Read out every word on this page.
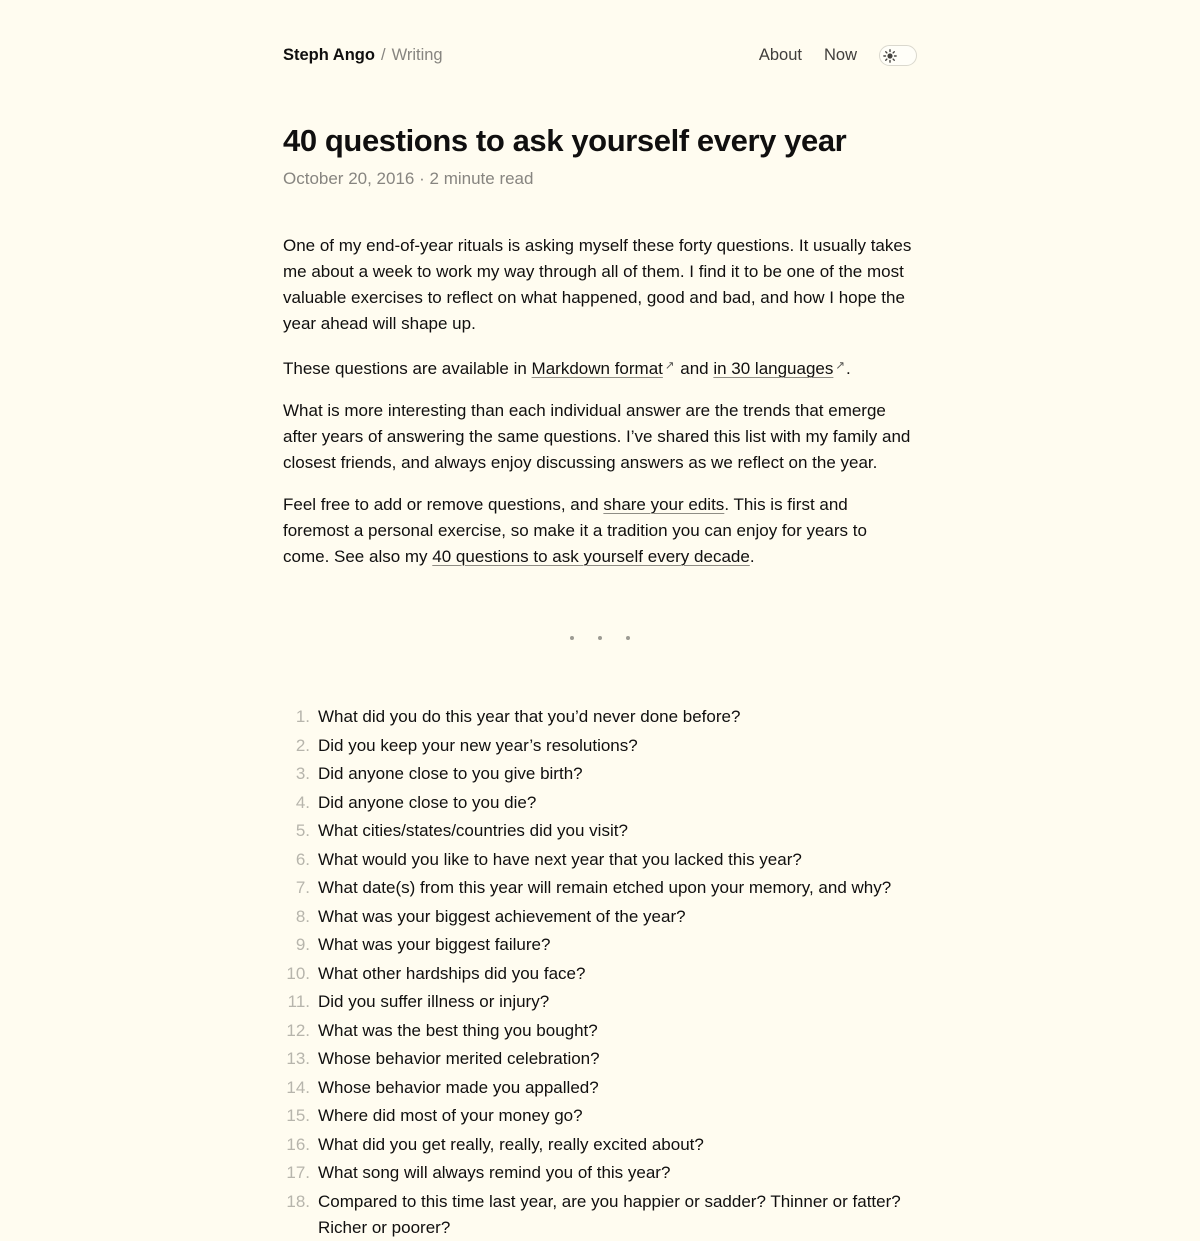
Steph Ango / Writing	About Now
40 questions to ask yourself every year
October 20, 2016 · 2 minute read

One of my end-of-year rituals is asking myself these forty questions. It usually takes me about a week to work my way through all of them. I find it to be one of the most valuable exercises to reflect on what happened, good and bad, and how I hope the year ahead will shape up.

These questions are available in Markdown format ↗ and in 30 languages ↗.

What is more interesting than each individual answer are the trends that emerge after years of answering the same questions. I’ve shared this list with my family and closest friends, and always enjoy discussing answers as we reflect on the year.

Feel free to add or remove questions, and share your edits. This is first and foremost a personal exercise, so make it a tradition you can enjoy for years to come. See also my 40 questions to ask yourself every decade.

1. What did you do this year that you’d never done before?
2. Did you keep your new year’s resolutions?
3. Did anyone close to you give birth?
4. Did anyone close to you die?
5. What cities/states/countries did you visit?
6. What would you like to have next year that you lacked this year?
7. What date(s) from this year will remain etched upon your memory, and why?
8. What was your biggest achievement of the year?
9. What was your biggest failure?
10. What other hardships did you face?
11. Did you suffer illness or injury?
12. What was the best thing you bought?
13. Whose behavior merited celebration?
14. Whose behavior made you appalled?
15. Where did most of your money go?
16. What did you get really, really, really excited about?
17. What song will always remind you of this year?
18. Compared to this time last year, are you happier or sadder? Thinner or fatter? Richer or poorer?
